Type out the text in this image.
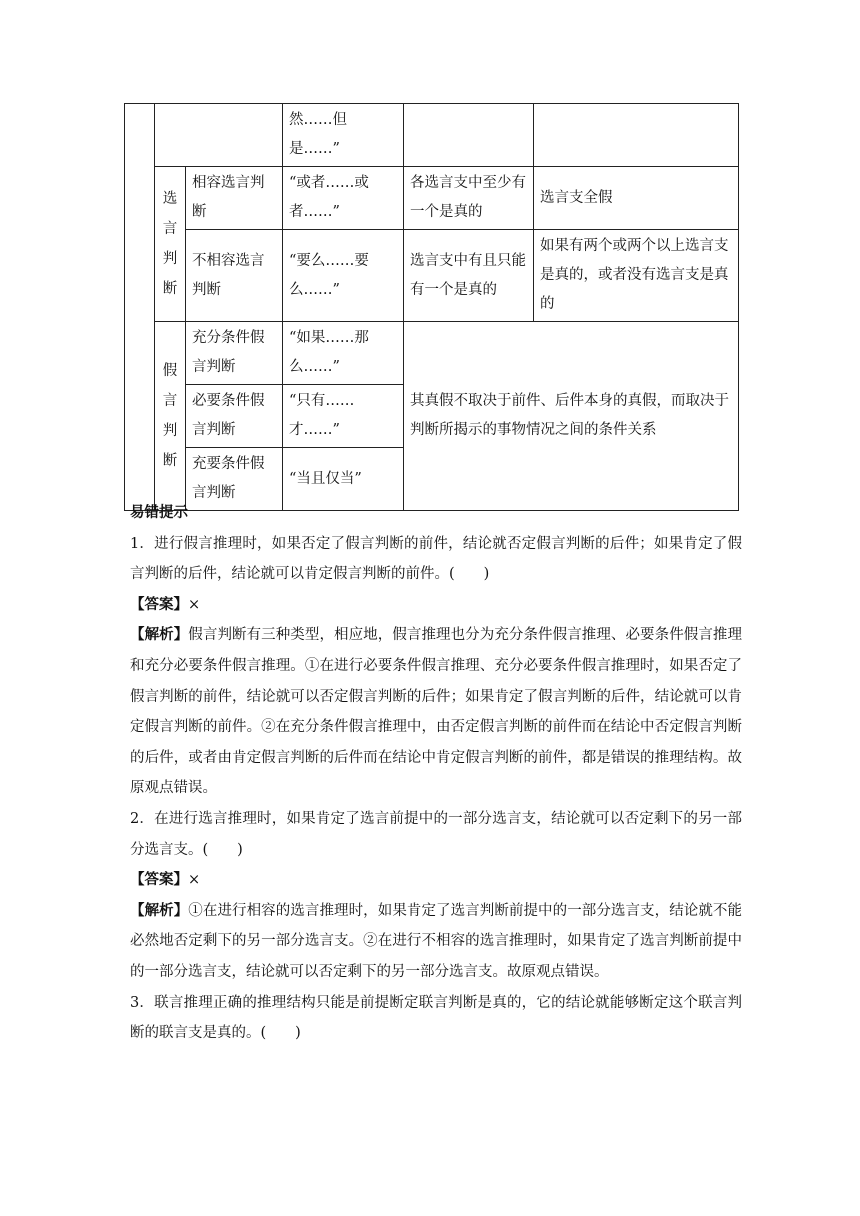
			然……但是……”		
	选言判断	相容选言判断	“或者……或者……”	各选言支中至少有一个是真的	选言支全假
		不相容选言判断	“要么……要么……”	选言支中有且只能有一个是真的	如果有两个或两个以上选言支是真的，或者没有选言支是真的
	假言判断	充分条件假言判断	“如果……那么……”	其真假不取决于前件、后件本身的真假，而取决于判断所揭示的事物情况之间的条件关系	
		必要条件假言判断	“只有……才……”		
		充要条件假言判断	“当且仅当”		

易错提示

1．进行假言推理时，如果否定了假言判断的前件，结论就否定假言判断的后件；如果肯定了假言判断的后件，结论就可以肯定假言判断的前件。(　　)

【答案】×

【解析】假言判断有三种类型，相应地，假言推理也分为充分条件假言推理、必要条件假言推理和充分必要条件假言推理。①在进行必要条件假言推理、充分必要条件假言推理时，如果否定了假言判断的前件，结论就可以否定假言判断的后件；如果肯定了假言判断的后件，结论就可以肯定假言判断的前件。②在充分条件假言推理中，由否定假言判断的前件而在结论中否定假言判断的后件，或者由肯定假言判断的后件而在结论中肯定假言判断的前件，都是错误的推理结构。故原观点错误。

2．在进行选言推理时，如果肯定了选言前提中的一部分选言支，结论就可以否定剩下的另一部分选言支。(　　)

【答案】×

【解析】①在进行相容的选言推理时，如果肯定了选言判断前提中的一部分选言支，结论就不能必然地否定剩下的另一部分选言支。②在进行不相容的选言推理时，如果肯定了选言判断前提中的一部分选言支，结论就可以否定剩下的另一部分选言支。故原观点错误。

3．联言推理正确的推理结构只能是前提断定联言判断是真的，它的结论就能够断定这个联言判断的联言支是真的。(　　)
